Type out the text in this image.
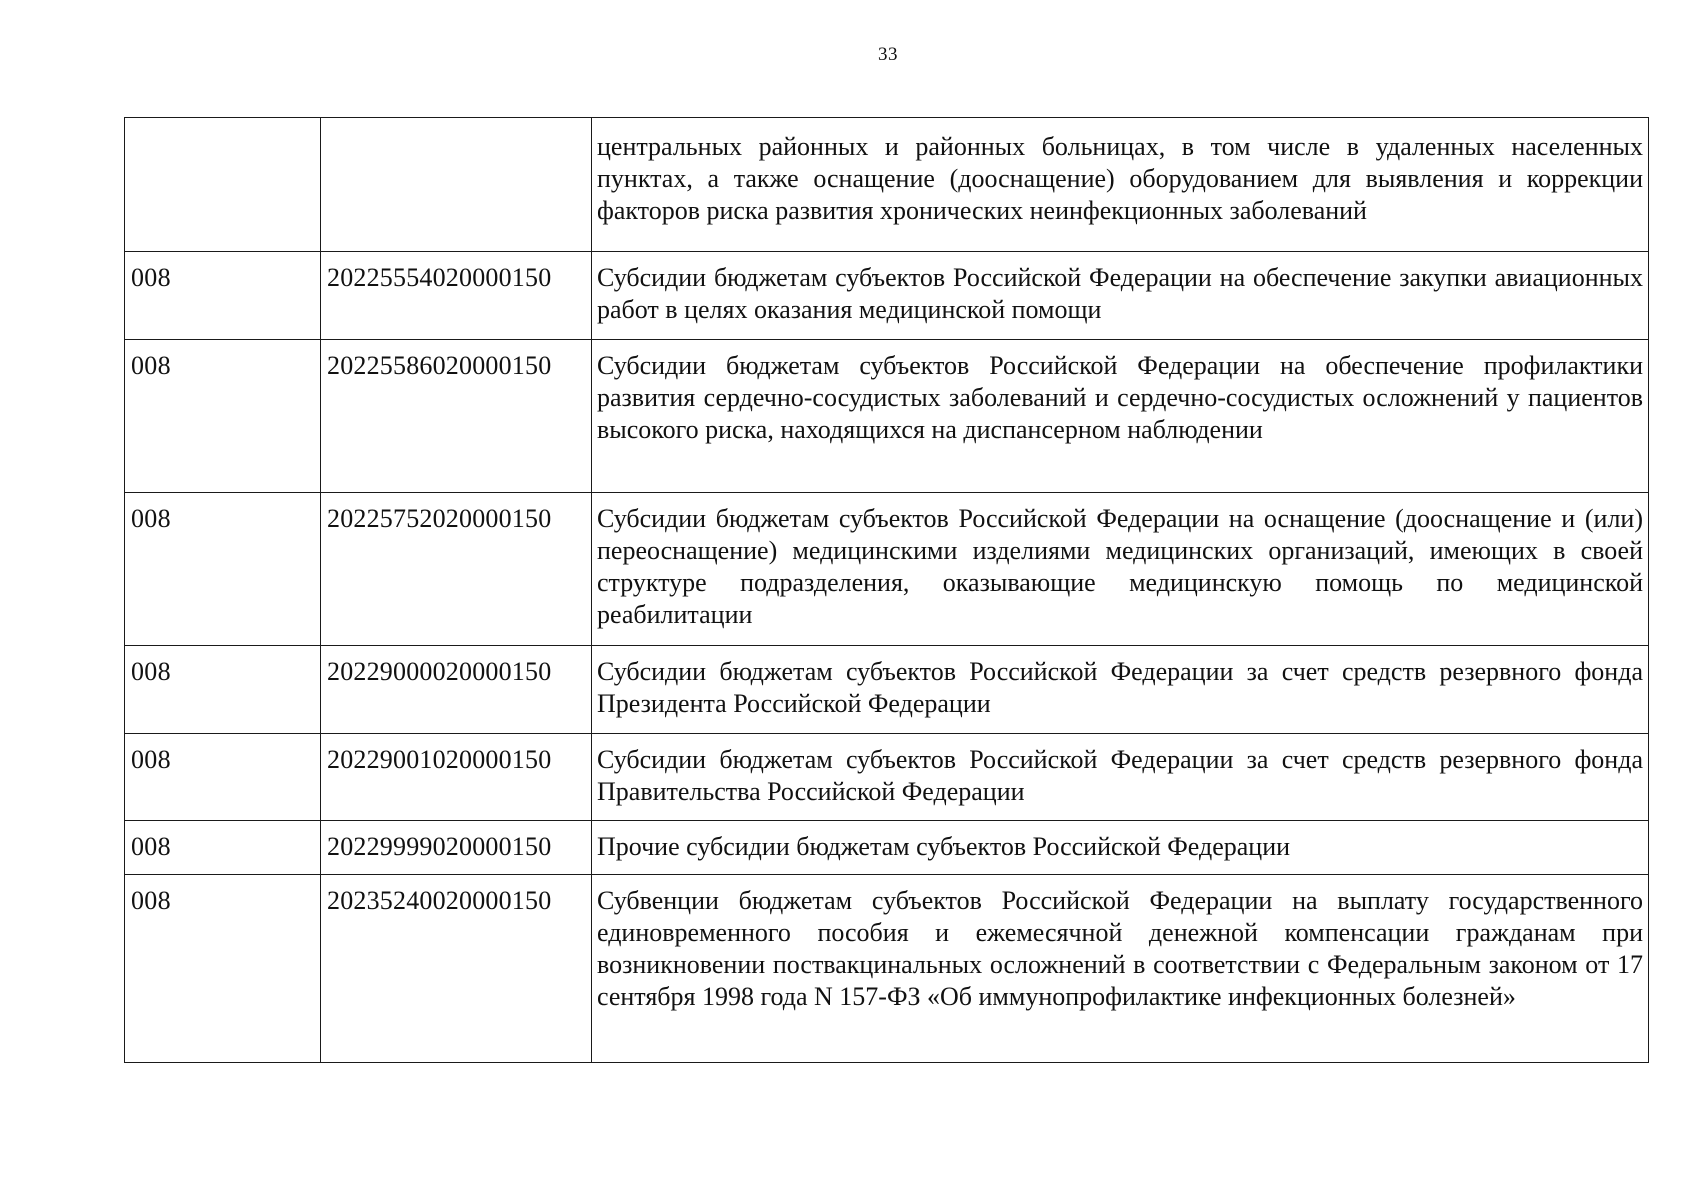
33
		центральных районных и районных больницах, в том числе в удаленных населенных пунктах, а также оснащение (дооснащение) оборудованием для выявления и коррекции факторов риска развития хронических неинфекционных заболеваний
008	20225554020000150	Субсидии бюджетам субъектов Российской Федерации на обеспечение закупки авиационных работ в целях оказания медицинской помощи
008	20225586020000150	Субсидии бюджетам субъектов Российской Федерации на обеспечение профилактики развития сердечно-сосудистых заболеваний и сердечно-сосудистых осложнений у пациентов высокого риска, находящихся на диспансерном наблюдении
008	20225752020000150	Субсидии бюджетам субъектов Российской Федерации на оснащение (дооснащение и (или) переоснащение) медицинскими изделиями медицинских организаций, имеющих в своей структуре подразделения, оказывающие медицинскую помощь по медицинской реабилитации
008	20229000020000150	Субсидии бюджетам субъектов Российской Федерации за счет средств резервного фонда Президента Российской Федерации
008	20229001020000150	Субсидии бюджетам субъектов Российской Федерации за счет средств резервного фонда Правительства Российской Федерации
008	20229999020000150	Прочие субсидии бюджетам субъектов Российской Федерации
008	20235240020000150	Субвенции бюджетам субъектов Российской Федерации на выплату государственного единовременного пособия и ежемесячной денежной компенсации гражданам при возникновении поствакцинальных осложнений в соответствии с Федеральным законом от 17 сентября 1998 года N 157-ФЗ «Об иммунопрофилактике инфекционных болезней»
